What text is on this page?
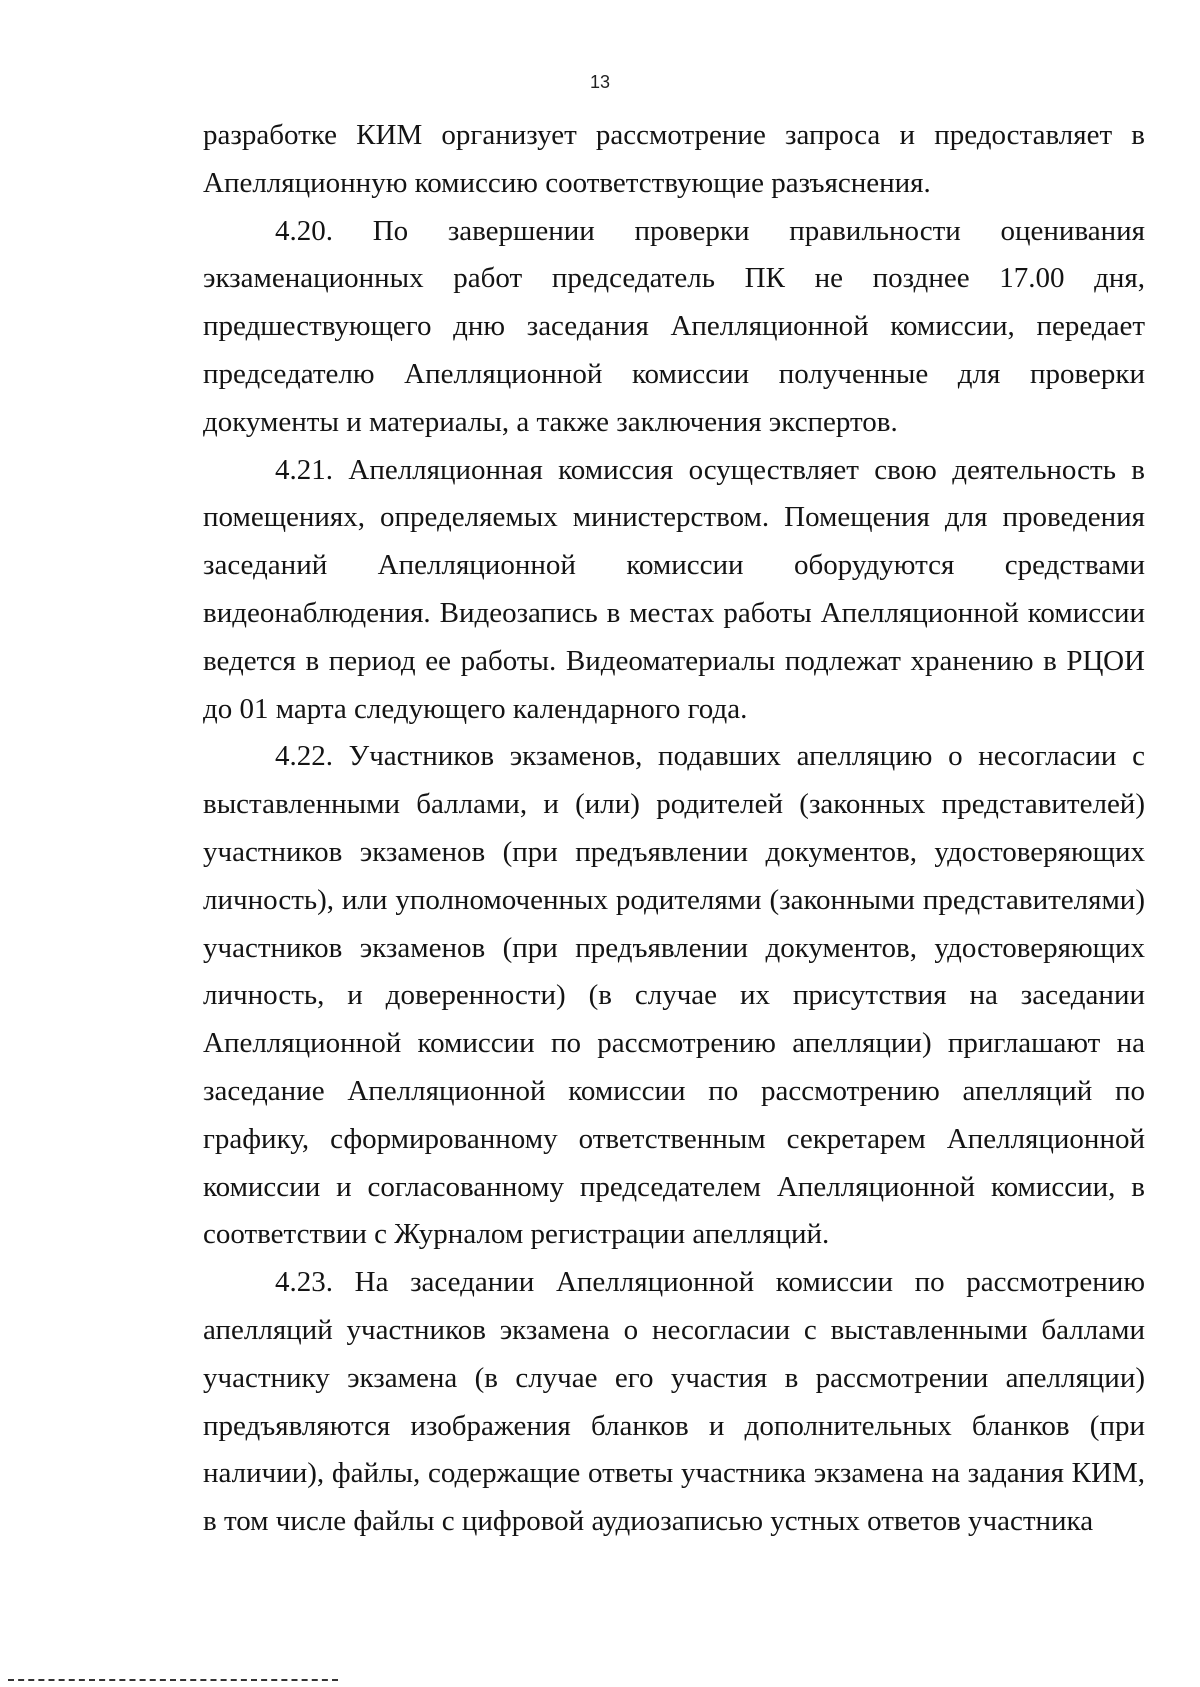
13

разработке КИМ организует рассмотрение запроса и предоставляет в Апелляционную комиссию соответствующие разъяснения.

4.20. По завершении проверки правильности оценивания экзаменационных работ председатель ПК не позднее 17.00 дня, предшествующего дню заседания Апелляционной комиссии, передает председателю Апелляционной комиссии полученные для проверки документы и материалы, а также заключения экспертов.

4.21. Апелляционная комиссия осуществляет свою деятельность в помещениях, определяемых министерством. Помещения для проведения заседаний Апелляционной комиссии оборудуются средствами видеонаблюдения. Видеозапись в местах работы Апелляционной комиссии ведется в период ее работы. Видеоматериалы подлежат хранению в РЦОИ до 01 марта следующего календарного года.

4.22. Участников экзаменов, подавших апелляцию о несогласии с выставленными баллами, и (или) родителей (законных представителей) участников экзаменов (при предъявлении документов, удостоверяющих личность), или уполномоченных родителями (законными представителями) участников экзаменов (при предъявлении документов, удостоверяющих личность, и доверенности) (в случае их присутствия на заседании Апелляционной комиссии по рассмотрению апелляции) приглашают на заседание Апелляционной комиссии по рассмотрению апелляций по графику, сформированному ответственным секретарем Апелляционной комиссии и согласованному председателем Апелляционной комиссии, в соответствии с Журналом регистрации апелляций.

4.23. На заседании Апелляционной комиссии по рассмотрению апелляций участников экзамена о несогласии с выставленными баллами участнику экзамена (в случае его участия в рассмотрении апелляции) предъявляются изображения бланков и дополнительных бланков (при наличии), файлы, содержащие ответы участника экзамена на задания КИМ, в том числе файлы с цифровой аудиозаписью устных ответов участника
